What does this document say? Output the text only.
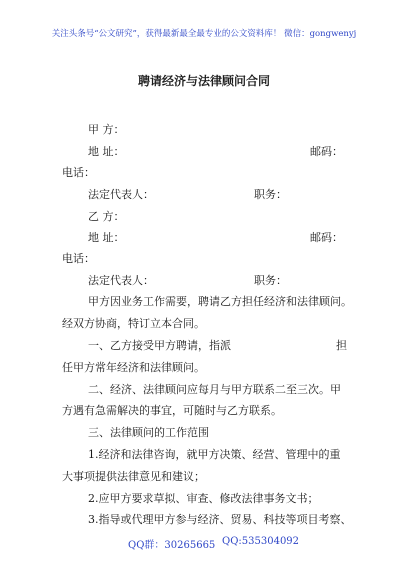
关注头条号“公文研究”，获得最新最全最专业的公文资料库！ 微信：gongwenyj
聘请经济与法律顾问合同
甲 方：
地 址：	邮码：
电话：
法定代表人：	职务：
乙 方：
地 址：	邮码：
电话：
法定代表人：	职务：
甲方因业务工作需要，聘请乙方担任经济和法律顾问。
经双方协商，特订立本合同。
一、乙方接受甲方聘请，指派	担
任甲方常年经济和法律顾问。
二、经济、法律顾问应每月与甲方联系二至三次。甲
方遇有急需解决的事宜，可随时与乙方联系。
三、法律顾问的工作范围
1.经济和法律咨询，就甲方决策、经营、管理中的重
大事项提供法律意见和建议；
2.应甲方要求草拟、审查、修改法律事务文书；
3.指导或代理甲方参与经济、贸易、科技等项目考察、
QQ群：30265665 QQ:535304092
